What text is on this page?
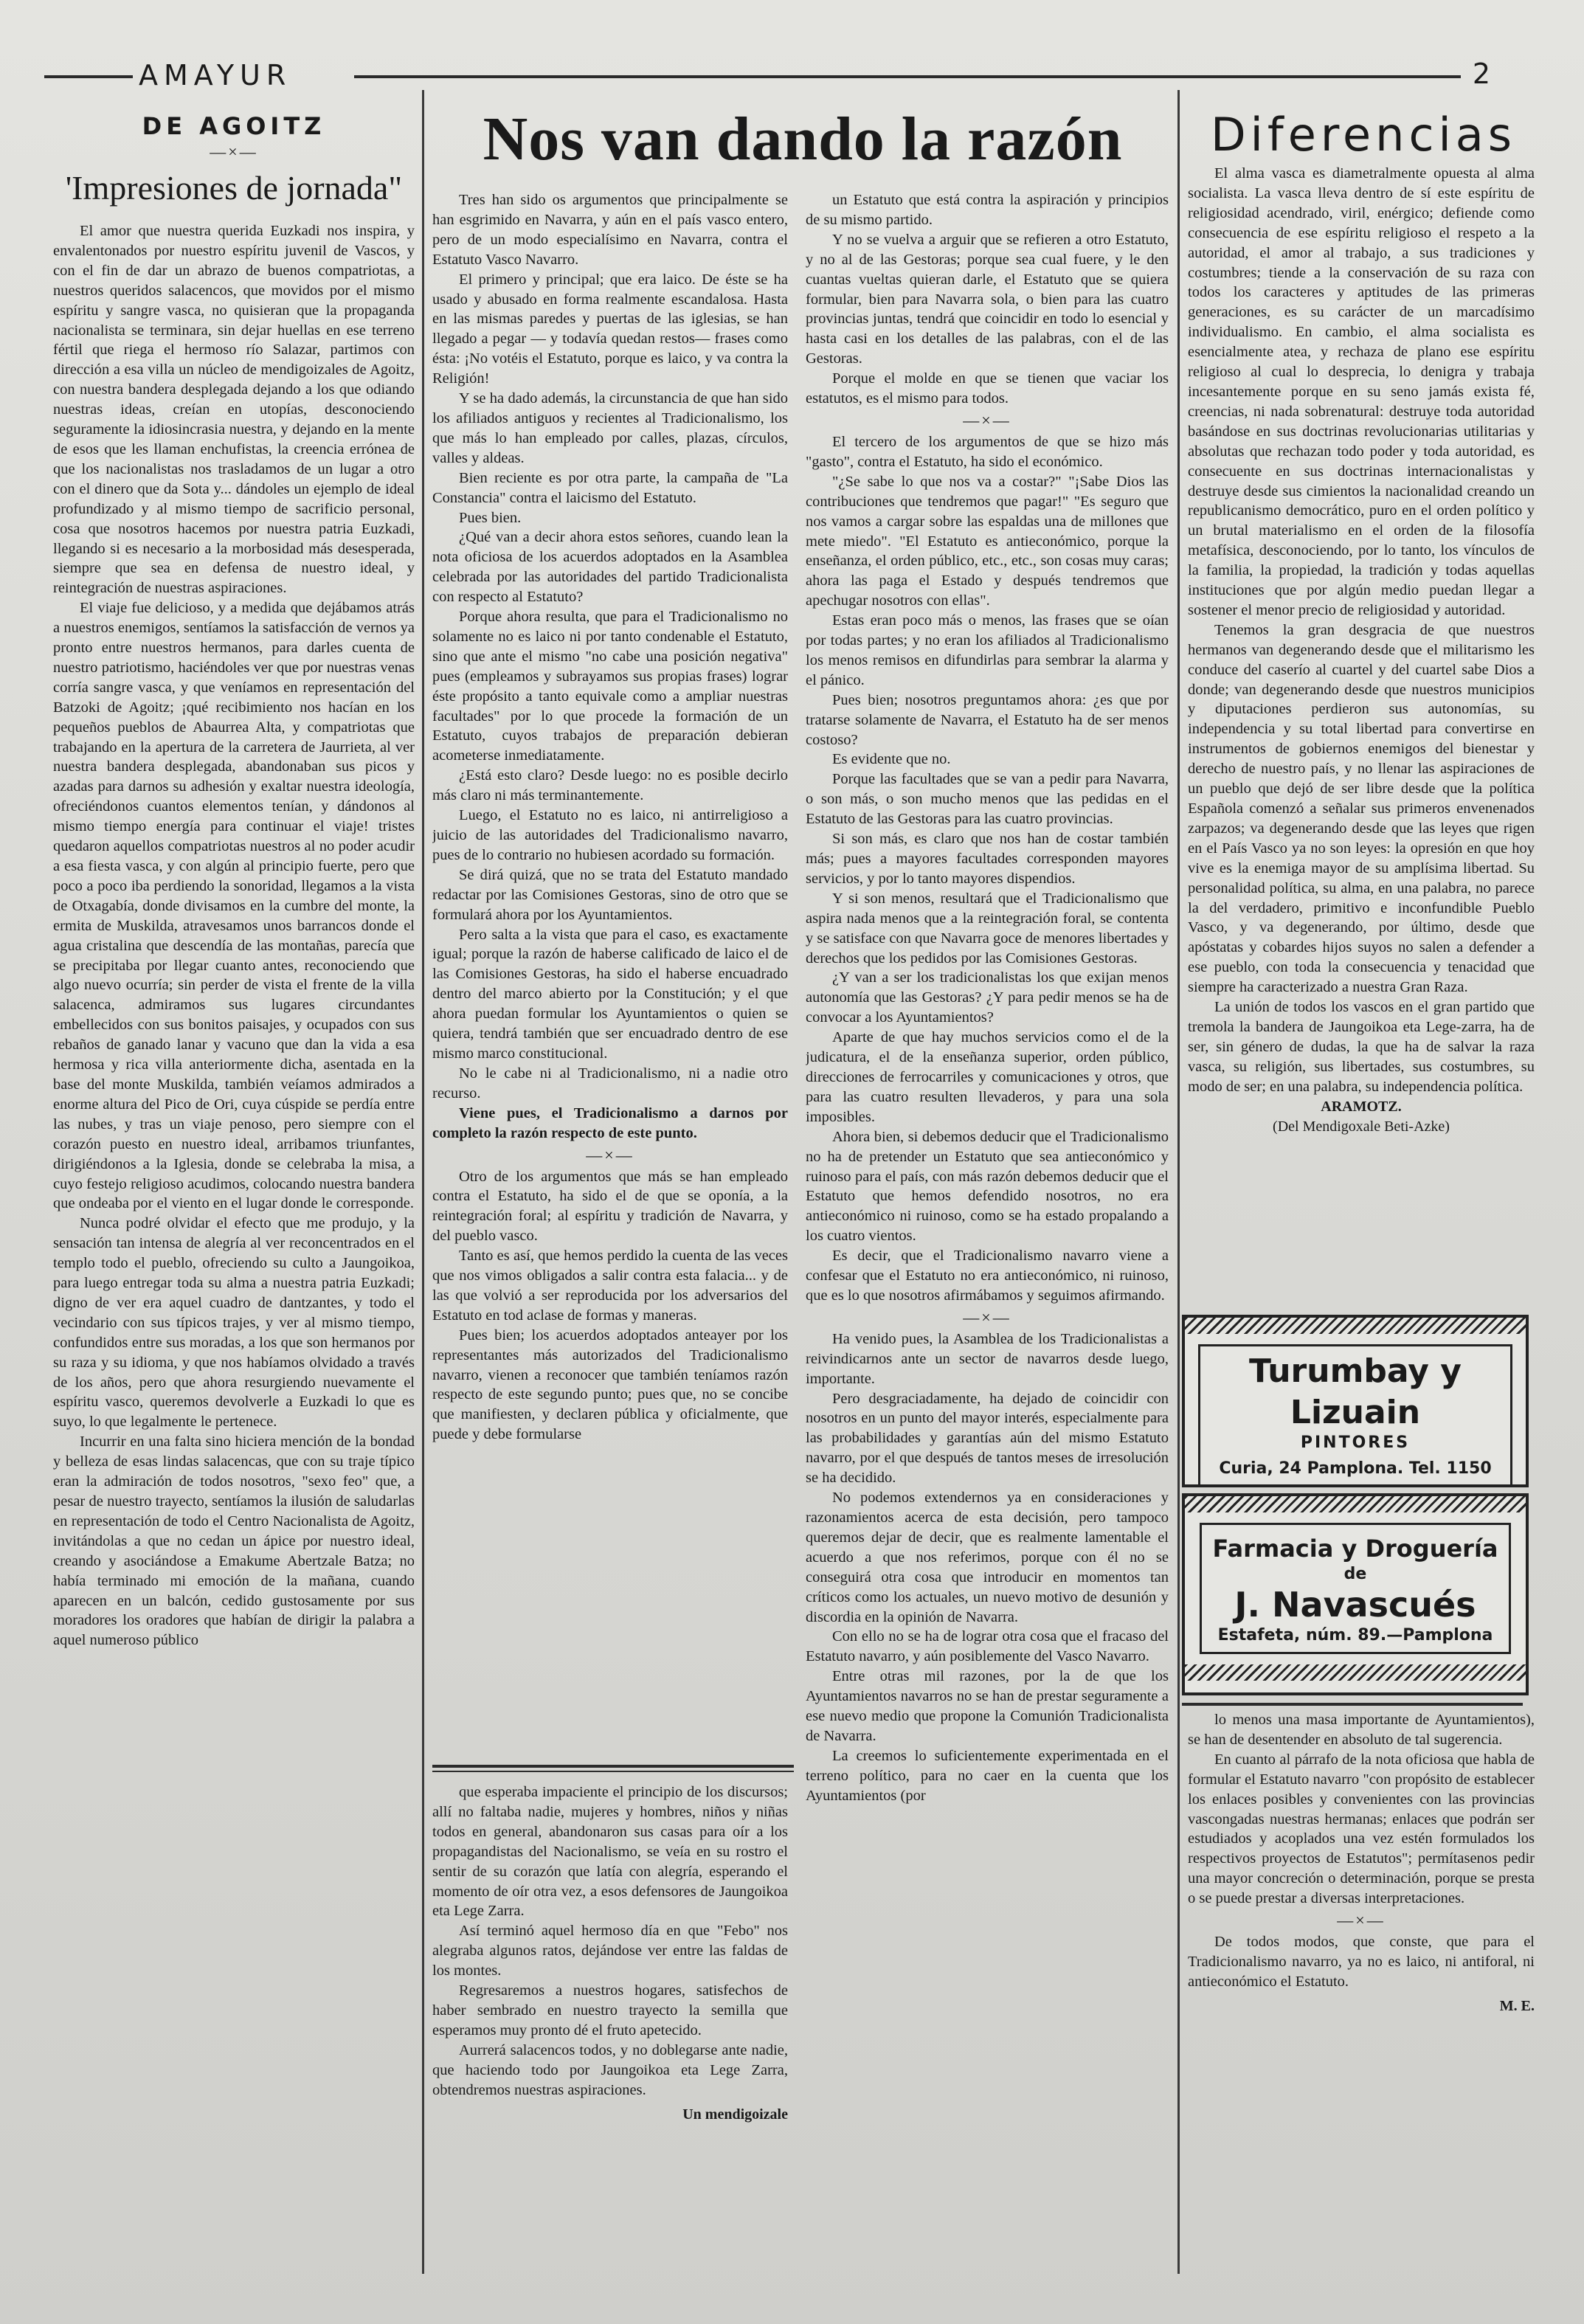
AMAYUR	2
DE AGOITZ
—×—
'Impresiones de jornada"

El amor que nuestra querida Euzkadi nos inspira, y envalentonados por nuestro espíritu juvenil de Vascos, y con el fin de dar un abrazo de buenos compatriotas, a nuestros queridos salacencos, que movidos por el mismo espíritu y sangre vasca, no quisieran que la propaganda nacionalista se terminara, sin dejar huellas en ese terreno fértil que riega el hermoso río Salazar, partimos con dirección a esa villa un núcleo de mendigoizales de Agoitz, con nuestra bandera desplegada dejando a los que odiando nuestras ideas, creían en utopías, desconociendo seguramente la idiosincrasia nuestra, y dejando en la mente de esos que les llaman enchufistas, la creencia errónea de que los nacionalistas nos trasladamos de un lugar a otro con el dinero que da Sota y... dándoles un ejemplo de ideal profundizado y al mismo tiempo de sacrificio personal, cosa que nosotros hacemos por nuestra patria Euzkadi, llegando si es necesario a la morbosidad más desesperada, siempre que sea en defensa de nuestro ideal, y reintegración de nuestras aspiraciones.

El viaje fue delicioso, y a medida que dejábamos atrás a nuestros enemigos, sentíamos la satisfacción de vernos ya pronto entre nuestros hermanos, para darles cuenta de nuestro patriotismo, haciéndoles ver que por nuestras venas corría sangre vasca, y que veníamos en representación del Batzoki de Agoitz; ¡qué recibimiento nos hacían en los pequeños pueblos de Abaurrea Alta, y compatriotas que trabajando en la apertura de la carretera de Jaurrieta, al ver nuestra bandera desplegada, abandonaban sus picos y azadas para darnos su adhesión y exaltar nuestra ideología, ofreciéndonos cuantos elementos tenían, y dándonos al mismo tiempo energía para continuar el viaje! tristes quedaron aquellos compatriotas nuestros al no poder acudir a esa fiesta vasca, y con algún al principio fuerte, pero que poco a poco iba perdiendo la sonoridad, llegamos a la vista de Otxagabía, donde divisamos en la cumbre del monte, la ermita de Muskilda, atravesamos unos barrancos donde el agua cristalina que descendía de las montañas, parecía que se precipitaba por llegar cuanto antes, reconociendo que algo nuevo ocurría; sin perder de vista el frente de la villa salacenca, admiramos sus lugares circundantes embellecidos con sus bonitos paisajes, y ocupados con sus rebaños de ganado lanar y vacuno que dan la vida a esa hermosa y rica villa anteriormente dicha, asentada en la base del monte Muskilda, también veíamos admirados a enorme altura del Pico de Ori, cuya cúspide se perdía entre las nubes, y tras un viaje penoso, pero siempre con el corazón puesto en nuestro ideal, arribamos triunfantes, dirigiéndonos a la Iglesia, donde se celebraba la misa, a cuyo festejo religioso acudimos, colocando nuestra bandera que ondeaba por el viento en el lugar donde le corresponde.

Nunca podré olvidar el efecto que me produjo, y la sensación tan intensa de alegría al ver reconcentrados en el templo todo el pueblo, ofreciendo su culto a Jaungoikoa, para luego entregar toda su alma a nuestra patria Euzkadi; digno de ver era aquel cuadro de dantzantes, y todo el vecindario con sus típicos trajes, y ver al mismo tiempo, confundidos entre sus moradas, a los que son hermanos por su raza y su idioma, y que nos habíamos olvidado a través de los años, pero que ahora resurgiendo nuevamente el espíritu vasco, queremos devolverle a Euzkadi lo que es suyo, lo que legalmente le pertenece.

Incurrir en una falta sino hiciera mención de la bondad y belleza de esas lindas salacencas, que con su traje típico eran la admiración de todos nosotros, "sexo feo" que, a pesar de nuestro trayecto, sentíamos la ilusión de saludarlas en representación de todo el Centro Nacionalista de Agoitz, invitándolas a que no cedan un ápice por nuestro ideal, creando y asociándose a Emakume Abertzale Batza; no había terminado mi emoción de la mañana, cuando aparecen en un balcón, cedido gustosamente por sus moradores los oradores que habían de dirigir la palabra a aquel numeroso público

Nos van dando la razón

Tres han sido os argumentos que principalmente se han esgrimido en Navarra, y aún en el país vasco entero, pero de un modo especialísimo en Navarra, contra el Estatuto Vasco Navarro.

El primero y principal; que era laico. De éste se ha usado y abusado en forma realmente escandalosa. Hasta en las mismas paredes y puertas de las iglesias, se han llegado a pegar — y todavía quedan restos— frases como ésta: ¡No votéis el Estatuto, porque es laico, y va contra la Religión!

Y se ha dado además, la circunstancia de que han sido los afiliados antiguos y recientes al Tradicionalismo, los que más lo han empleado por calles, plazas, círculos, valles y aldeas.

Bien reciente es por otra parte, la campaña de "La Constancia" contra el laicismo del Estatuto.

Pues bien.

¿Qué van a decir ahora estos señores, cuando lean la nota oficiosa de los acuerdos adoptados en la Asamblea celebrada por las autoridades del partido Tradicionalista con respecto al Estatuto?

Porque ahora resulta, que para el Tradicionalismo no solamente no es laico ni por tanto condenable el Estatuto, sino que ante el mismo "no cabe una posición negativa" pues (empleamos y subrayamos sus propias frases) lograr éste propósito a tanto equivale como a ampliar nuestras facultades" por lo que procede la formación de un Estatuto, cuyos trabajos de preparación debieran acometerse inmediatamente.

¿Está esto claro? Desde luego: no es posible decirlo más claro ni más terminantemente.

Luego, el Estatuto no es laico, ni antirreligioso a juicio de las autoridades del Tradicionalismo navarro, pues de lo contrario no hubiesen acordado su formación.

Se dirá quizá, que no se trata del Estatuto mandado redactar por las Comisiones Gestoras, sino de otro que se formulará ahora por los Ayuntamientos.

Pero salta a la vista que para el caso, es exactamente igual; porque la razón de haberse calificado de laico el de las Comisiones Gestoras, ha sido el haberse encuadrado dentro del marco abierto por la Constitución; y el que ahora puedan formular los Ayuntamientos o quien se quiera, tendrá también que ser encuadrado dentro de ese mismo marco constitucional.

No le cabe ni al Tradicionalismo, ni a nadie otro recurso.

Viene pues, el Tradicionalismo a darnos por completo la razón respecto de este punto.

—×—

Otro de los argumentos que más se han empleado contra el Estatuto, ha sido el de que se oponía, a la reintegración foral; al espíritu y tradición de Navarra, y del pueblo vasco.

Tanto es así, que hemos perdido la cuenta de las veces que nos vimos obligados a salir contra esta falacia... y de las que volvió a ser reproducida por los adversarios del Estatuto en tod aclase de formas y maneras.

Pues bien; los acuerdos adoptados anteayer por los representantes más autorizados del Tradicionalismo navarro, vienen a reconocer que también teníamos razón respecto de este segundo punto; pues que, no se concibe que manifiesten, y declaren pública y oficialmente, que puede y debe formularse

un Estatuto que está contra la aspiración y principios de su mismo partido.

Y no se vuelva a arguir que se refieren a otro Estatuto, y no al de las Gestoras; porque sea cual fuere, y le den cuantas vueltas quieran darle, el Estatuto que se quiera formular, bien para Navarra sola, o bien para las cuatro provincias juntas, tendrá que coincidir en todo lo esencial y hasta casi en los detalles de las palabras, con el de las Gestoras.

Porque el molde en que se tienen que vaciar los estatutos, es el mismo para todos.

—×—

El tercero de los argumentos de que se hizo más "gasto", contra el Estatuto, ha sido el económico.

"¿Se sabe lo que nos va a costar?" "¡Sabe Dios las contribuciones que tendremos que pagar!" "Es seguro que nos vamos a cargar sobre las espaldas una de millones que mete miedo". "El Estatuto es antieconómico, porque la enseñanza, el orden público, etc., etc., son cosas muy caras; ahora las paga el Estado y después tendremos que apechugar nosotros con ellas".

Estas eran poco más o menos, las frases que se oían por todas partes; y no eran los afiliados al Tradicionalismo los menos remisos en difundirlas para sembrar la alarma y el pánico.

Pues bien; nosotros preguntamos ahora: ¿es que por tratarse solamente de Navarra, el Estatuto ha de ser menos costoso?

Es evidente que no.

Porque las facultades que se van a pedir para Navarra, o son más, o son mucho menos que las pedidas en el Estatuto de las Gestoras para las cuatro provincias.

Si son más, es claro que nos han de costar también más; pues a mayores facultades corresponden mayores servicios, y por lo tanto mayores dispendios.

Y si son menos, resultará que el Tradicionalismo que aspira nada menos que a la reintegración foral, se contenta y se satisface con que Navarra goce de menores libertades y derechos que los pedidos por las Comisiones Gestoras.

¿Y van a ser los tradicionalistas los que exijan menos autonomía que las Gestoras? ¿Y para pedir menos se ha de convocar a los Ayuntamientos?

Aparte de que hay muchos servicios como el de la judicatura, el de la enseñanza superior, orden público, direcciones de ferrocarriles y comunicaciones y otros, que para las cuatro resulten llevaderos, y para una sola imposibles.

Ahora bien, si debemos deducir que el Tradicionalismo no ha de pretender un Estatuto que sea antieconómico y ruinoso para el país, con más razón debemos deducir que el Estatuto que hemos defendido nosotros, no era antieconómico ni ruinoso, como se ha estado propalando a los cuatro vientos.

Es decir, que el Tradicionalismo navarro viene a confesar que el Estatuto no era antieconómico, ni ruinoso, que es lo que nosotros afirmábamos y seguimos afirmando.

—×—

Ha venido pues, la Asamblea de los Tradicionalistas a reivindicarnos ante un sector de navarros desde luego, importante.

Pero desgraciadamente, ha dejado de coincidir con nosotros en un punto del mayor interés, especialmente para las probabilidades y garantías aún del mismo Estatuto navarro, por el que después de tantos meses de irresolución se ha decidido.

No podemos extendernos ya en consideraciones y razonamientos acerca de esta decisión, pero tampoco queremos dejar de decir, que es realmente lamentable el acuerdo a que nos referimos, porque con él no se conseguirá otra cosa que introducir en momentos tan críticos como los actuales, un nuevo motivo de desunión y discordia en la opinión de Navarra.

Con ello no se ha de lograr otra cosa que el fracaso del Estatuto navarro, y aún posiblemente del Vasco Navarro.

Entre otras mil razones, por la de que los Ayuntamientos navarros no se han de prestar seguramente a ese nuevo medio que propone la Comunión Tradicionalista de Navarra.

La creemos lo suficientemente experimentada en el terreno político, para no caer en la cuenta que los Ayuntamientos (por

que esperaba impaciente el principio de los discursos; allí no faltaba nadie, mujeres y hombres, niños y niñas todos en general, abandonaron sus casas para oír a los propagandistas del Nacionalismo, se veía en su rostro el sentir de su corazón que latía con alegría, esperando el momento de oír otra vez, a esos defensores de Jaungoikoa eta Lege Zarra.

Así terminó aquel hermoso día en que "Febo" nos alegraba algunos ratos, dejándose ver entre las faldas de los montes.

Regresaremos a nuestros hogares, satisfechos de haber sembrado en nuestro trayecto la semilla que esperamos muy pronto dé el fruto apetecido.

Aurrerá salacencos todos, y no doblegarse ante nadie, que haciendo todo por Jaungoikoa eta Lege Zarra, obtendremos nuestras aspiraciones.

Un mendigoizale
Diferencias

El alma vasca es diametralmente opuesta al alma socialista. La vasca lleva dentro de sí este espíritu de religiosidad acendrado, viril, enérgico; defiende como consecuencia de ese espíritu religioso el respeto a la autoridad, el amor al trabajo, a sus tradiciones y costumbres; tiende a la conservación de su raza con todos los caracteres y aptitudes de las primeras generaciones, es su carácter de un marcadísimo individualismo. En cambio, el alma socialista es esencialmente atea, y rechaza de plano ese espíritu religioso al cual lo desprecia, lo denigra y trabaja incesantemente porque en su seno jamás exista fé, creencias, ni nada sobrenatural: destruye toda autoridad basándose en sus doctrinas revolucionarias utilitarias y absolutas que rechazan todo poder y toda autoridad, es consecuente en sus doctrinas internacionalistas y destruye desde sus cimientos la nacionalidad creando un republicanismo democrático, puro en el orden político y un brutal materialismo en el orden de la filosofía metafísica, desconociendo, por lo tanto, los vínculos de la familia, la propiedad, la tradición y todas aquellas instituciones que por algún medio puedan llegar a sostener el menor precio de religiosidad y autoridad.

Tenemos la gran desgracia de que nuestros hermanos van degenerando desde que el militarismo les conduce del caserío al cuartel y del cuartel sabe Dios a donde; van degenerando desde que nuestros municipios y diputaciones perdieron sus autonomías, su independencia y su total libertad para convertirse en instrumentos de gobiernos enemigos del bienestar y derecho de nuestro país, y no llenar las aspiraciones de un pueblo que dejó de ser libre desde que la política Española comenzó a señalar sus primeros envenenados zarpazos; va degenerando desde que las leyes que rigen en el País Vasco ya no son leyes: la opresión en que hoy vive es la enemiga mayor de su amplísima libertad. Su personalidad política, su alma, en una palabra, no parece la del verdadero, primitivo e inconfundible Pueblo Vasco, y va degenerando, por último, desde que apóstatas y cobardes hijos suyos no salen a defender a ese pueblo, con toda la consecuencia y tenacidad que siempre ha caracterizado a nuestra Gran Raza.

La unión de todos los vascos en el gran partido que tremola la bandera de Jaungoikoa eta Lege-zarra, ha de ser, sin género de dudas, la que ha de salvar la raza vasca, su religión, sus libertades, sus costumbres, su modo de ser; en una palabra, su independencia política.

ARAMOTZ.
(Del Mendigoxale Beti-Azke)
Turumbay y Lizuain
PINTORES
Curia, 24 Pamplona. Tel. 1150
Farmacia y Droguería
de
J. Navascués
Estafeta, núm. 89.—Pamplona

lo menos una masa importante de Ayuntamientos), se han de desentender en absoluto de tal sugerencia.

En cuanto al párrafo de la nota oficiosa que habla de formular el Estatuto navarro "con propósito de establecer los enlaces posibles y convenientes con las provincias vascongadas nuestras hermanas; enlaces que podrán ser estudiados y acoplados una vez estén formulados los respectivos proyectos de Estatutos"; permítasenos pedir una mayor concreción o determinación, porque se presta o se puede prestar a diversas interpretaciones.

—×—

De todos modos, que conste, que para el Tradicionalismo navarro, ya no es laico, ni antiforal, ni antieconómico el Estatuto.

M. E.
